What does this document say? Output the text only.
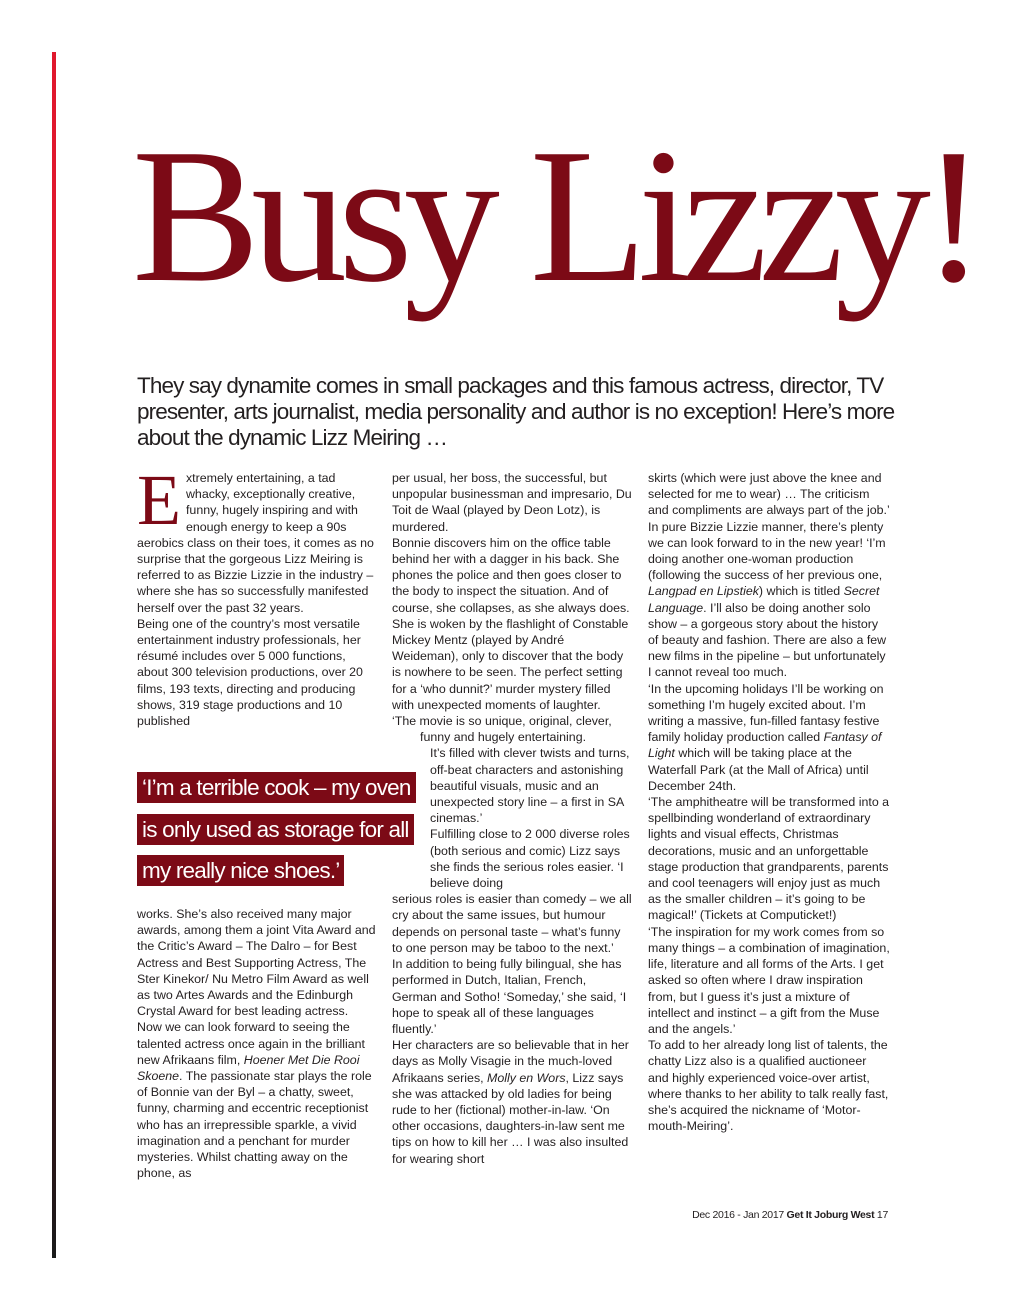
Busy Lizzy!

They say dynamite comes in small packages and this famous actress, director, TV presenter, arts journalist, media personality and author is no exception! Here’s more about the dynamic Lizz Meiring …

E xtremely entertaining, a tad whacky, exceptionally creative, funny, hugely inspiring and with enough energy to keep a 90s aerobics class on their toes, it comes as no surprise that the gorgeous Lizz Meiring is referred to as Bizzie Lizzie in the industry – where she has so successfully manifested herself over the past 32 years.

Being one of the country’s most versatile entertainment industry professionals, her résumé includes over 5 000 functions, about 300 television productions, over 20 films, 193 texts, directing and producing shows, 319 stage productions and 10 published

‘I’m a terrible cook – my oven is only used as storage for all my really nice shoes.’

works. She’s also received many major awards, among them a joint Vita Award and the Critic’s Award – The Dalro – for Best Actress and Best Supporting Actress, The Ster Kinekor/ Nu Metro Film Award as well as two Artes Awards and the Edinburgh Crystal Award for best leading actress.

Now we can look forward to seeing the talented actress once again in the brilliant new Afrikaans film, Hoener Met Die Rooi Skoene. The passionate star plays the role of Bonnie van der Byl – a chatty, sweet, funny, charming and eccentric receptionist who has an irrepressible sparkle, a vivid imagination and a penchant for murder mysteries. Whilst chatting away on the phone, as

per usual, her boss, the successful, but unpopular businessman and impresario, Du Toit de Waal (played by Deon Lotz), is murdered.

Bonnie discovers him on the office table behind her with a dagger in his back. She phones the police and then goes closer to the body to inspect the situation. And of course, she collapses, as she always does. She is woken by the flashlight of Constable Mickey Mentz (played by André Weideman), only to discover that the body is nowhere to be seen. The perfect setting for a ‘who dunnit?’ murder mystery filled with unexpected moments of laughter.

‘The movie is so unique, original, clever,

funny and hugely entertaining.

It’s filled with clever twists and turns, off-beat characters and astonishing beautiful visuals, music and an unexpected story line – a first in SA cinemas.’

Fulfilling close to 2 000 diverse roles (both serious and comic) Lizz says she finds the serious roles easier. ‘I believe doing

serious roles is easier than comedy – we all cry about the same issues, but humour depends on personal taste – what’s funny to one person may be taboo to the next.’

In addition to being fully bilingual, she has performed in Dutch, Italian, French, German and Sotho! ‘Someday,’ she said, ‘I hope to speak all of these languages fluently.’

Her characters are so believable that in her days as Molly Visagie in the much-loved Afrikaans series, Molly en Wors, Lizz says she was attacked by old ladies for being rude to her (fictional) mother-in-law. ‘On other occasions, daughters-in-law sent me tips on how to kill her … I was also insulted for wearing short

skirts (which were just above the knee and selected for me to wear) … The criticism and compliments are always part of the job.’

In pure Bizzie Lizzie manner, there’s plenty we can look forward to in the new year! ‘I’m doing another one-woman production (following the success of her previous one, Langpad en Lipstiek) which is titled Secret Language. I’ll also be doing another solo show – a gorgeous story about the history of beauty and fashion. There are also a few new films in the pipeline – but unfortunately I cannot reveal too much.

‘In the upcoming holidays I’ll be working on something I’m hugely excited about. I’m writing a massive, fun-filled fantasy festive family holiday production called Fantasy of Light which will be taking place at the Waterfall Park (at the Mall of Africa) until December 24th.

‘The amphitheatre will be transformed into a spellbinding wonderland of extraordinary lights and visual effects, Christmas decorations, music and an unforgettable stage production that grandparents, parents and cool teenagers will enjoy just as much as the smaller children – it’s going to be magical!’ (Tickets at Computicket!)

‘The inspiration for my work comes from so many things – a combination of imagination, life, literature and all forms of the Arts. I get asked so often where I draw inspiration from, but I guess it’s just a mixture of intellect and instinct – a gift from the Muse and the angels.’

To add to her already long list of talents, the chatty Lizz also is a qualified auctioneer and highly experienced voice-over artist, where thanks to her ability to talk really fast, she’s acquired the nickname of ‘Motor-mouth-Meiring’.

Dec 2016 - Jan 2017 Get It Joburg West 17
